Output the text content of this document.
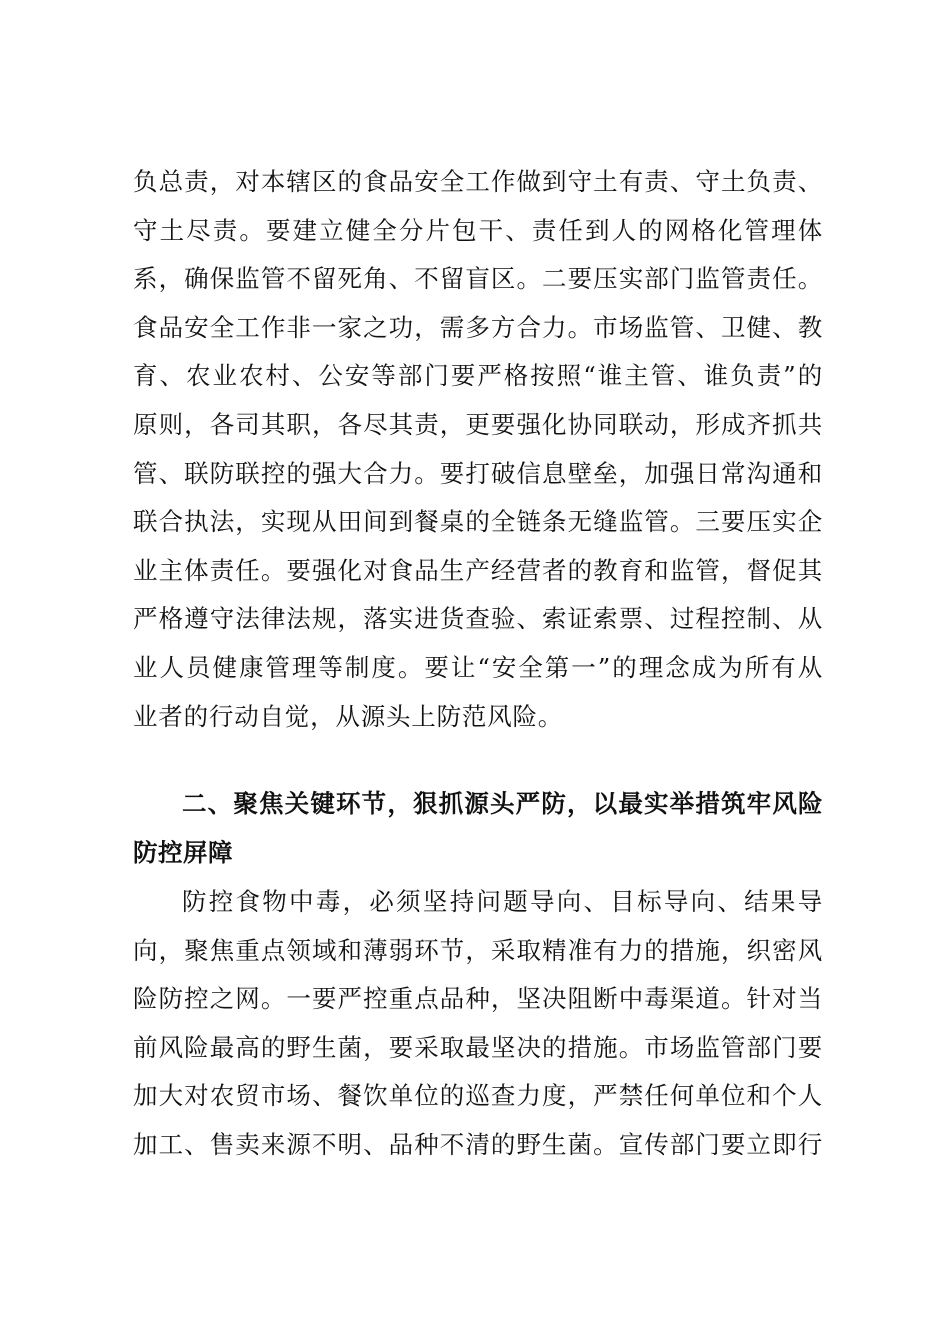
负总责，对本辖区的食品安全工作做到守土有责、守土负责、
守土尽责。要建立健全分片包干、责任到人的网格化管理体
系，确保监管不留死角、不留盲区。二要压实部门监管责任。
食品安全工作非一家之功，需多方合力。市场监管、卫健、教
育、农业农村、公安等部门要严格按照“谁主管、谁负责”的
原则，各司其职，各尽其责，更要强化协同联动，形成齐抓共
管、联防联控的强大合力。要打破信息壁垒，加强日常沟通和
联合执法，实现从田间到餐桌的全链条无缝监管。三要压实企
业主体责任。要强化对食品生产经营者的教育和监管，督促其
严格遵守法律法规，落实进货查验、索证索票、过程控制、从
业人员健康管理等制度。要让“安全第一”的理念成为所有从
业者的行动自觉，从源头上防范风险。
二、聚焦关键环节，狠抓源头严防，以最实举措筑牢风险
防控屏障
防控食物中毒，必须坚持问题导向、目标导向、结果导
向，聚焦重点领域和薄弱环节，采取精准有力的措施，织密风
险防控之网。一要严控重点品种，坚决阻断中毒渠道。针对当
前风险最高的野生菌，要采取最坚决的措施。市场监管部门要
加大对农贸市场、餐饮单位的巡查力度，严禁任何单位和个人
加工、售卖来源不明、品种不清的野生菌。宣传部门要立即行
